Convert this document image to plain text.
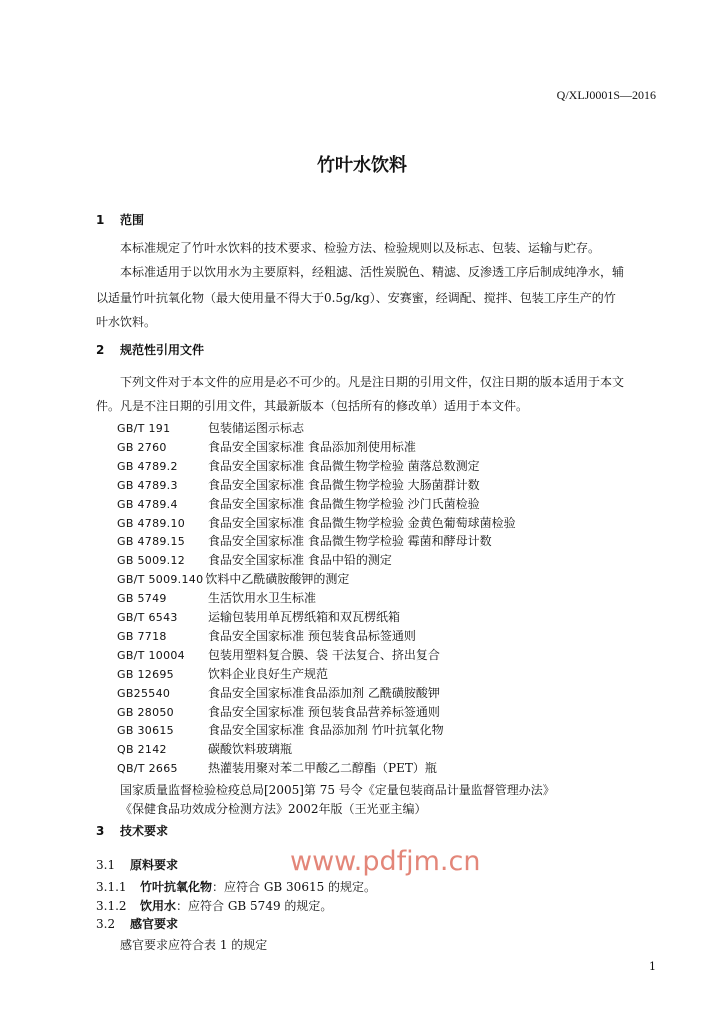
Q/XLJ0001S—2016
竹叶水饮料
1 范围
本标准规定了竹叶水饮料的技术要求、检验方法、检验规则以及标志、包装、运输与贮存。
本标准适用于以饮用水为主要原料，经粗滤、活性炭脱色、精滤、反渗透工序后制成纯净水，辅
以适量竹叶抗氧化物（最大使用量不得大于0.5g/kg）、安赛蜜，经调配、搅拌、包装工序生产的竹
叶水饮料。
2 规范性引用文件
下列文件对于本文件的应用是必不可少的。凡是注日期的引用文件，仅注日期的版本适用于本文
件。凡是不注日期的引用文件，其最新版本（包括所有的修改单）适用于本文件。
GB/T 191	包装储运图示标志
GB 2760	食品安全国家标准 食品添加剂使用标准
GB 4789.2	食品安全国家标准 食品微生物学检验 菌落总数测定
GB 4789.3	食品安全国家标准 食品微生物学检验 大肠菌群计数
GB 4789.4	食品安全国家标准 食品微生物学检验 沙门氏菌检验
GB 4789.10 食品安全国家标准 食品微生物学检验 金黄色葡萄球菌检验
GB 4789.15 食品安全国家标准 食品微生物学检验 霉菌和酵母计数
GB 5009.12 食品安全国家标准 食品中铅的测定
GB/T 5009.140 饮料中乙酰磺胺酸钾的测定
GB 5749	生活饮用水卫生标准
GB/T 6543	运输包装用单瓦楞纸箱和双瓦楞纸箱
GB 7718	食品安全国家标准 预包装食品标签通则
GB/T 10004 包装用塑料复合膜、袋 干法复合、挤出复合
GB 12695	饮料企业良好生产规范
GB25540	食品安全国家标准食品添加剂 乙酰磺胺酸钾
GB 28050	食品安全国家标准 预包装食品营养标签通则
GB 30615	食品安全国家标准 食品添加剂 竹叶抗氧化物
QB 2142	碳酸饮料玻璃瓶
QB/T 2665	热灌装用聚对苯二甲酸乙二醇酯（PET）瓶
国家质量监督检验检疫总局[2005]第 75 号令《定量包装商品计量监督管理办法》
《保健食品功效成分检测方法》2002年版（王光亚主编）
3 技术要求
3.1 原料要求
3.1.1 竹叶抗氧化物：应符合 GB 30615 的规定。
3.1.2 饮用水：应符合 GB 5749 的规定。
3.2 感官要求
感官要求应符合表 1 的规定
www.pdfjm.cn
1
